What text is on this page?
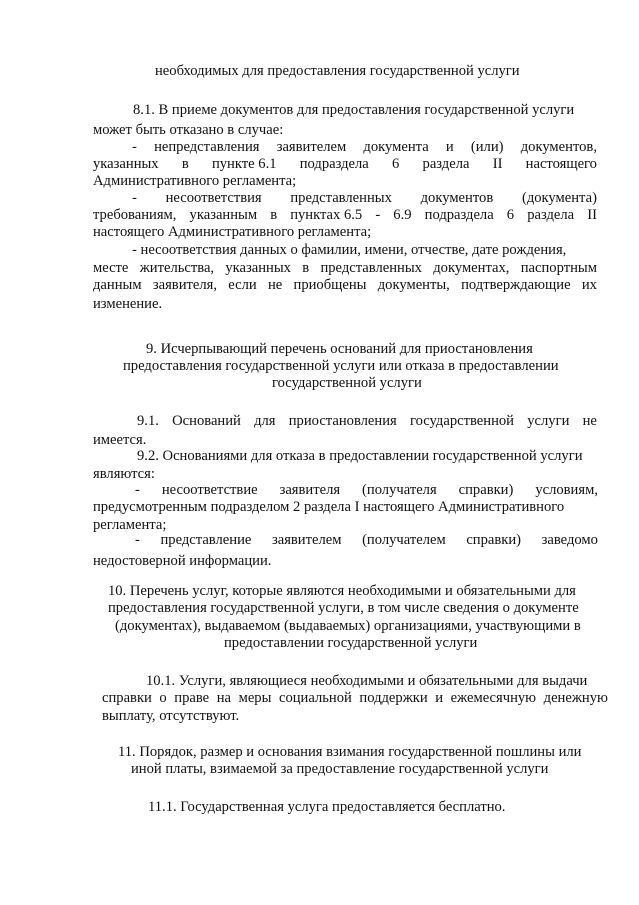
необходимых для предоставления государственной услуги
8.1. В приеме документов для предоставления государственной услуги
может быть отказано в случае:
- непредставления заявителем документа и (или) документов,
указанных в пункте 6.1 подраздела 6 раздела II настоящего
Административного регламента;
- несоответствия представленных документов (документа)
требованиям, указанным в пунктах 6.5 - 6.9 подраздела 6 раздела II
настоящего Административного регламента;
- несоответствия данных о фамилии, имени, отчестве, дате рождения,
месте жительства, указанных в представленных документах, паспортным
данным заявителя, если не приобщены документы, подтверждающие их
изменение.
9. Исчерпывающий перечень оснований для приостановления
предоставления государственной услуги или отказа в предоставлении
государственной услуги
9.1. Оснований для приостановления государственной услуги не
имеется.
9.2. Основаниями для отказа в предоставлении государственной услуги
являются:
- несоответствие заявителя (получателя справки) условиям,
предусмотренным подразделом 2 раздела I настоящего Административного
регламента;
- представление заявителем (получателем справки) заведомо
недостоверной информации.
10. Перечень услуг, которые являются необходимыми и обязательными для
предоставления государственной услуги, в том числе сведения о документе
(документах), выдаваемом (выдаваемых) организациями, участвующими в
предоставлении государственной услуги
10.1. Услуги, являющиеся необходимыми и обязательными для выдачи
справки о праве на меры социальной поддержки и ежемесячную денежную
выплату, отсутствуют.
11. Порядок, размер и основания взимания государственной пошлины или
иной платы, взимаемой за предоставление государственной услуги
11.1. Государственная услуга предоставляется бесплатно.
